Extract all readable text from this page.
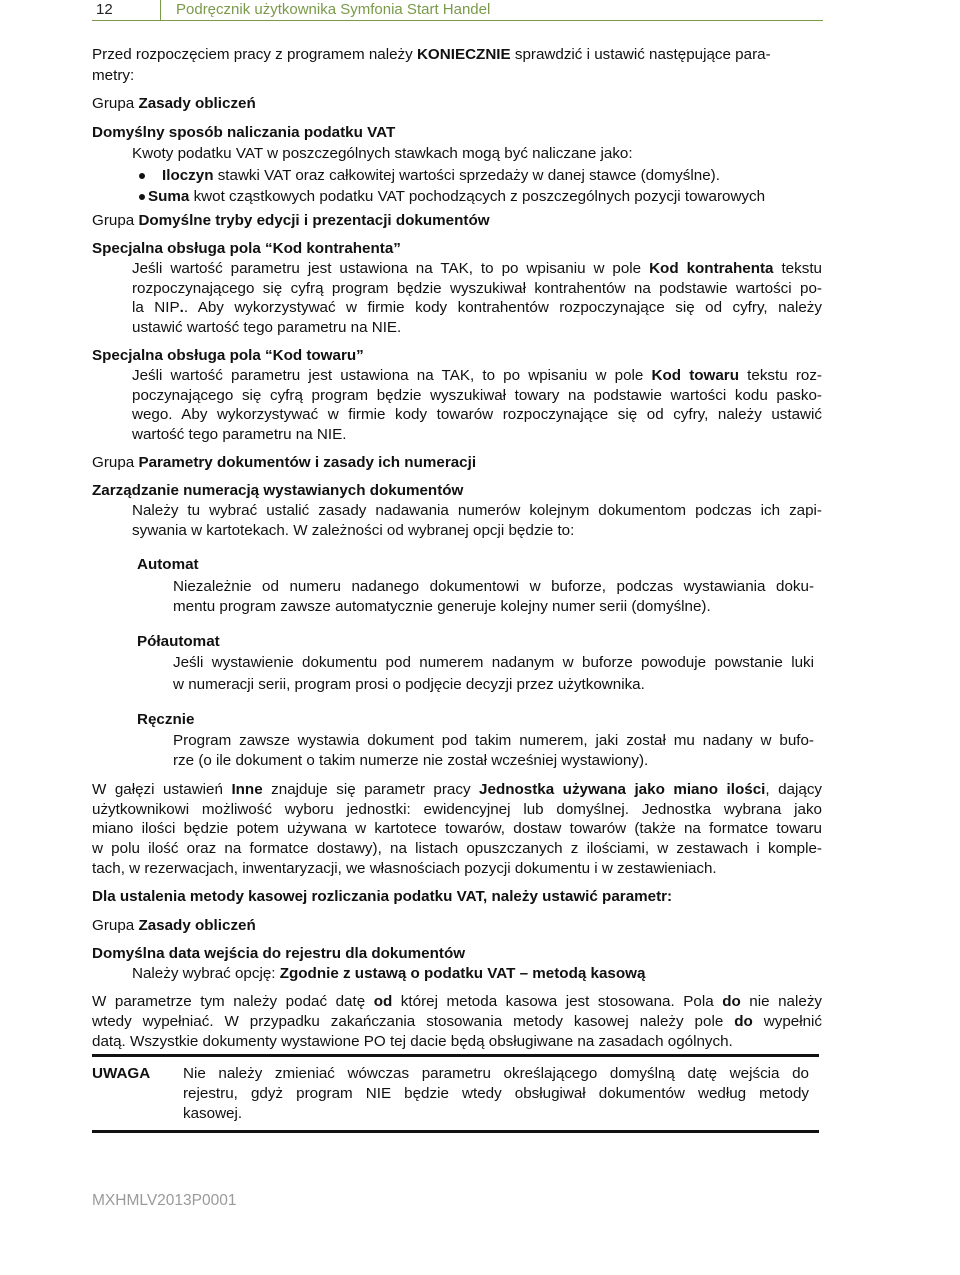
12	Podręcznik użytkownika Symfonia Start Handel
Przed rozpoczęciem pracy z programem należy KONIECZNIE sprawdzić i ustawić następujące para-
metry:
Grupa Zasady obliczeń
Domyślny sposób naliczania podatku VAT
Kwoty podatku VAT w poszczególnych stawkach mogą być naliczane jako:
Iloczyn stawki VAT oraz całkowitej wartości sprzedaży w danej stawce (domyślne).
Suma kwot cząstkowych podatku VAT pochodzących z poszczególnych pozycji towarowych
Grupa Domyślne tryby edycji i prezentacji dokumentów
Specjalna obsługa pola “Kod kontrahenta”
Jeśli wartość parametru jest ustawiona na TAK, to po wpisaniu w pole Kod kontrahenta tekstu
rozpoczynającego się cyfrą program będzie wyszukiwał kontrahentów na podstawie wartości po-
la NIP.. Aby wykorzystywać w firmie kody kontrahentów rozpoczynające się od cyfry, należy
ustawić wartość tego parametru na NIE.
Specjalna obsługa pola “Kod towaru”
Jeśli wartość parametru jest ustawiona na TAK, to po wpisaniu w pole Kod towaru tekstu roz-
poczynającego się cyfrą program będzie wyszukiwał towary na podstawie wartości kodu pasko-
wego. Aby wykorzystywać w firmie kody towarów rozpoczynające się od cyfry, należy ustawić
wartość tego parametru na NIE.
Grupa Parametry dokumentów i zasady ich numeracji
Zarządzanie numeracją wystawianych dokumentów
Należy tu wybrać ustalić zasady nadawania numerów kolejnym dokumentom podczas ich zapi-
sywania w kartotekach. W zależności od wybranej opcji będzie to:
Automat
Niezależnie od numeru nadanego dokumentowi w buforze, podczas wystawiania doku-
mentu program zawsze automatycznie generuje kolejny numer serii (domyślne).
Półautomat
Jeśli wystawienie dokumentu pod numerem nadanym w buforze powoduje powstanie luki
w numeracji serii, program prosi o podjęcie decyzji przez użytkownika.
Ręcznie
Program zawsze wystawia dokument pod takim numerem, jaki został mu nadany w bufo-
rze (o ile dokument o takim numerze nie został wcześniej wystawiony).
W gałęzi ustawień Inne znajduje się parametr pracy Jednostka używana jako miano ilości, dający
użytkownikowi możliwość wyboru jednostki: ewidencyjnej lub domyślnej. Jednostka wybrana jako
miano ilości będzie potem używana w kartotece towarów, dostaw towarów (także na formatce towaru
w polu ilość oraz na formatce dostawy), na listach opuszczanych z ilościami, w zestawach i komple-
tach, w rezerwacjach, inwentaryzacji, we własnościach pozycji dokumentu i w zestawieniach.
Dla ustalenia metody kasowej rozliczania podatku VAT, należy ustawić parametr:
Grupa Zasady obliczeń
Domyślna data wejścia do rejestru dla dokumentów
Należy wybrać opcję: Zgodnie z ustawą o podatku VAT – metodą kasową
W parametrze tym należy podać datę od której metoda kasowa jest stosowana. Pola do nie należy
wtedy wypełniać. W przypadku zakańczania stosowania metody kasowej należy pole do wypełnić
datą. Wszystkie dokumenty wystawione PO tej dacie będą obsługiwane na zasadach ogólnych.
UWAGA Nie należy zmieniać wówczas parametru określającego domyślną datę wejścia do
rejestru, gdyż program NIE będzie wtedy obsługiwał dokumentów według metody
kasowej.
MXHMLV2013P0001
